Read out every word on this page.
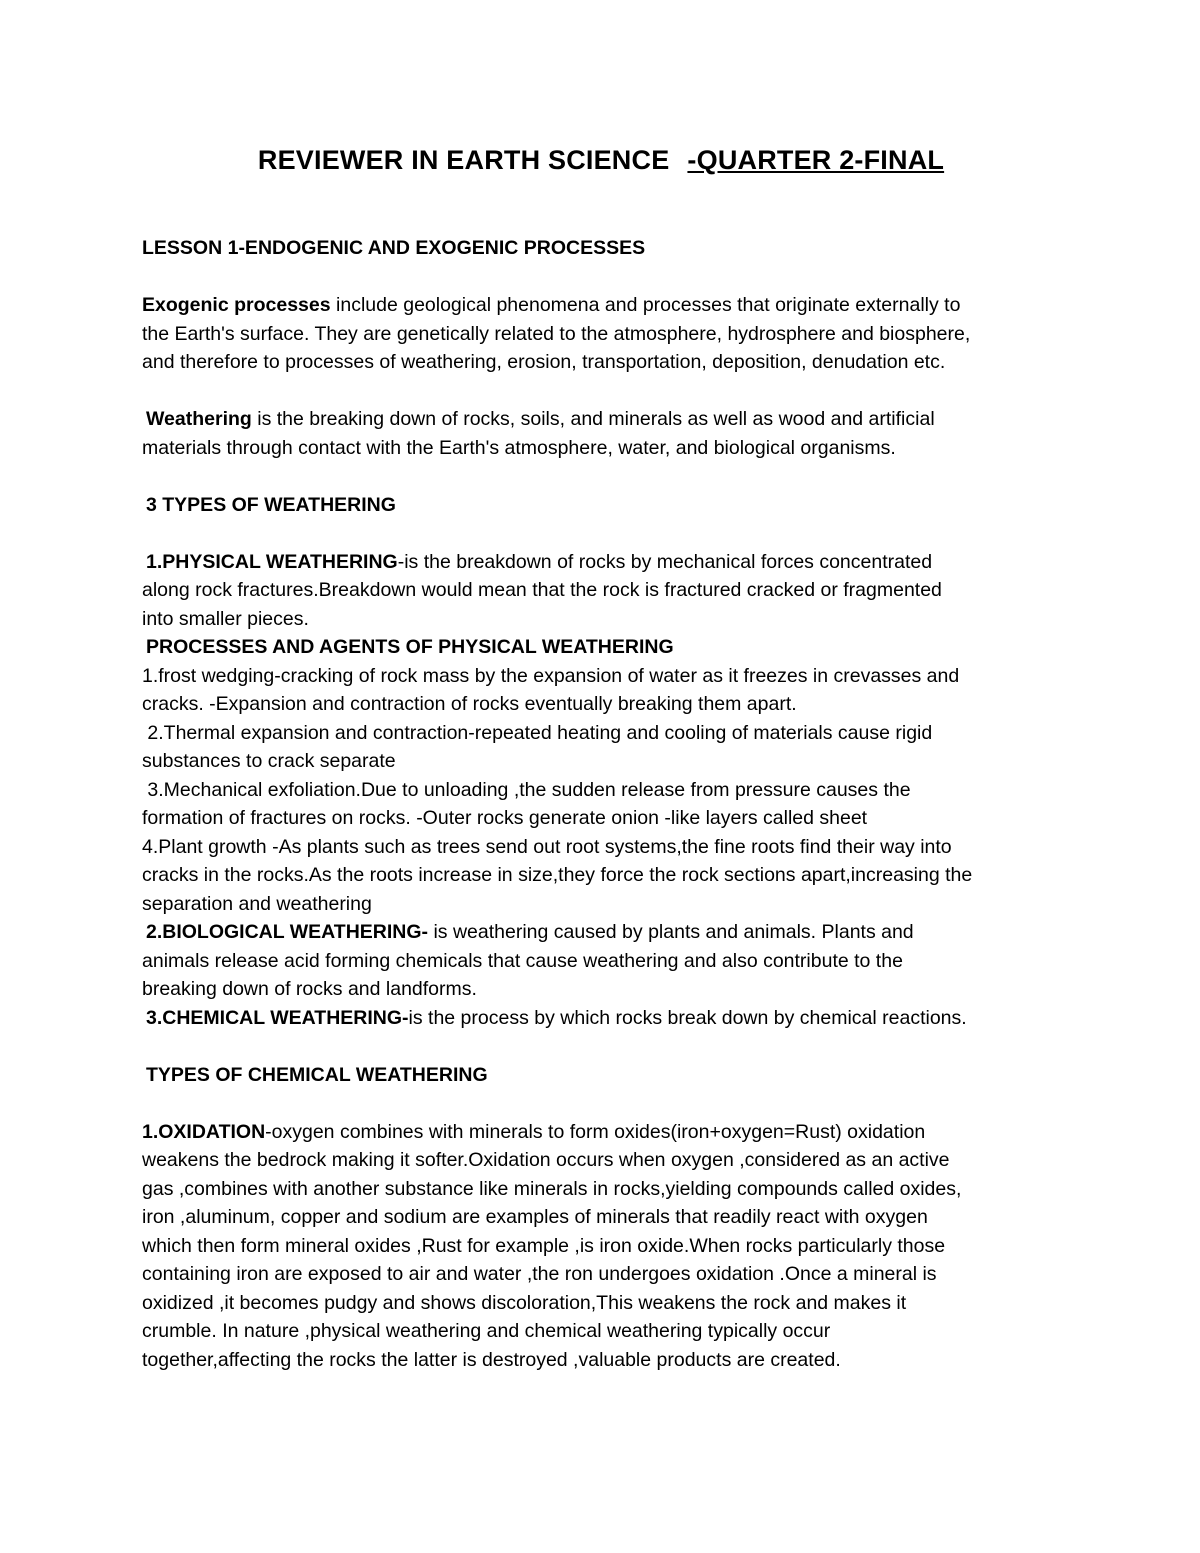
REVIEWER IN EARTH SCIENCE -QUARTER 2-FINAL

LESSON 1-ENDOGENIC AND EXOGENIC PROCESSES

Exogenic processes include geological phenomena and processes that originate externally to

the Earth's surface. They are genetically related to the atmosphere, hydrosphere and biosphere,

and therefore to processes of weathering, erosion, transportation, deposition, denudation etc.

Weathering is the breaking down of rocks, soils, and minerals as well as wood and artificial

materials through contact with the Earth's atmosphere, water, and biological organisms.

3 TYPES OF WEATHERING

1.PHYSICAL WEATHERING-is the breakdown of rocks by mechanical forces concentrated

along rock fractures.Breakdown would mean that the rock is fractured cracked or fragmented

into smaller pieces.

PROCESSES AND AGENTS OF PHYSICAL WEATHERING

1.frost wedging-cracking of rock mass by the expansion of water as it freezes in crevasses and

cracks. -Expansion and contraction of rocks eventually breaking them apart.

2.Thermal expansion and contraction-repeated heating and cooling of materials cause rigid

substances to crack separate

3.Mechanical exfoliation.Due to unloading ,the sudden release from pressure causes the

formation of fractures on rocks. -Outer rocks generate onion -like layers called sheet

4.Plant growth -As plants such as trees send out root systems,the fine roots find their way into

cracks in the rocks.As the roots increase in size,they force the rock sections apart,increasing the

separation and weathering

2.BIOLOGICAL WEATHERING- is weathering caused by plants and animals. Plants and

animals release acid forming chemicals that cause weathering and also contribute to the

breaking down of rocks and landforms.

3.CHEMICAL WEATHERING-is the process by which rocks break down by chemical reactions.

TYPES OF CHEMICAL WEATHERING

1.OXIDATION-oxygen combines with minerals to form oxides(iron+oxygen=Rust) oxidation

weakens the bedrock making it softer.Oxidation occurs when oxygen ,considered as an active

gas ,combines with another substance like minerals in rocks,yielding compounds called oxides,

iron ,aluminum, copper and sodium are examples of minerals that readily react with oxygen

which then form mineral oxides ,Rust for example ,is iron oxide.When rocks particularly those

containing iron are exposed to air and water ,the ron undergoes oxidation .Once a mineral is

oxidized ,it becomes pudgy and shows discoloration,This weakens the rock and makes it

crumble. In nature ,physical weathering and chemical weathering typically occur

together,affecting the rocks the latter is destroyed ,valuable products are created.
